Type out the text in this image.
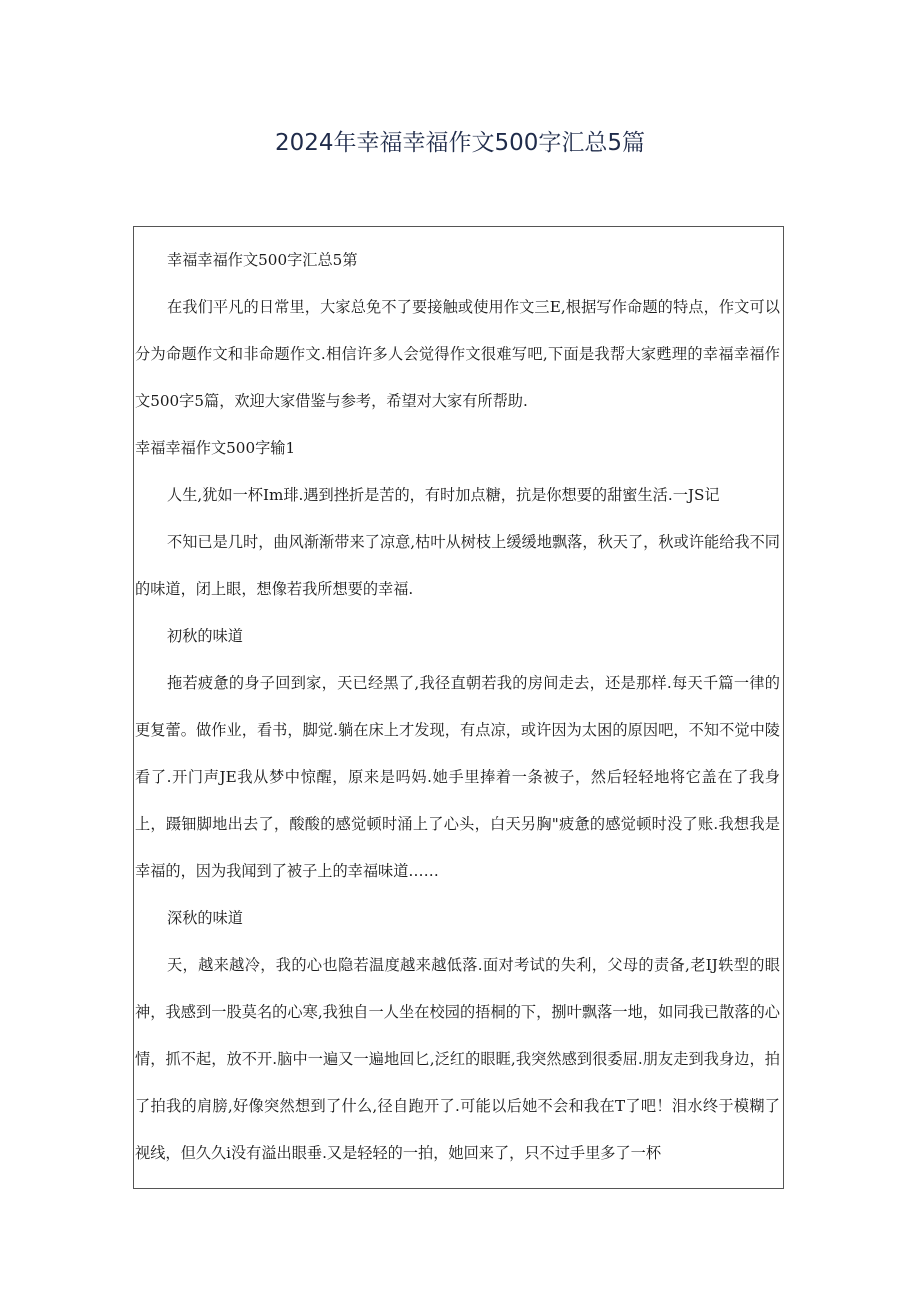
2024年幸福幸福作文500字汇总5篇

幸福幸福作文500字汇总5第

在我们平凡的日常里，大家总免不了要接触或使用作文三E,根据写作命题的特点，作文可以分为命题作文和非命题作文.相信许多人会觉得作文很难写吧,下面是我帮大家甦理的幸福幸福作文500字5篇，欢迎大家借鉴与参考，希望对大家有所帮助.

幸福幸福作文500字输1

人生,犹如一杯Im琲.遇到挫折是苦的，有时加点糖，抗是你想要的甜蜜生活.一JS记

不知已是几时，曲风渐渐带来了凉意,枯叶从树枝上缓缓地飘落，秋天了，秋或许能给我不同的味道，闭上眼，想像若我所想要的幸福.

初秋的味道

拖若疲惫的身子回到家，天已经黑了,我径直朝若我的房间走去，还是那样.每天千篇一律的更复蕾。做作业，看书，脚觉.躺在床上才发现，有点凉，或许因为太困的原因吧，不知不觉中陵看了.开门声JE我从梦中惊醒，原来是吗妈.她手里捧着一条被子，然后轻轻地将它盖在了我身上，蹑钿脚地出去了，酸酸的感觉顿时涌上了心头，白天另胸"疲惫的感觉顿时没了账.我想我是幸福的，因为我闻到了被子上的幸福味道……

深秋的味道

天，越来越冷，我的心也隐若温度越来越低落.面对考试的失利，父母的责备,老IJ轶型的眼神，我感到一股莫名的心寒,我独自一人坐在校园的捂桐的下，捌叶飘落一地，如同我已散落的心情，抓不起，放不开.脑中一遍又一遍地回匕,泛红的眼睚,我突然感到很委屈.朋友走到我身边，拍了拍我的肩膀,好像突然想到了什么,径自跑开了.可能以后她不会和我在T了吧！泪水终于模糊了视线，但久久i没有溢出眼垂.又是轻轻的一拍，她回来了，只不过手里多了一杯
